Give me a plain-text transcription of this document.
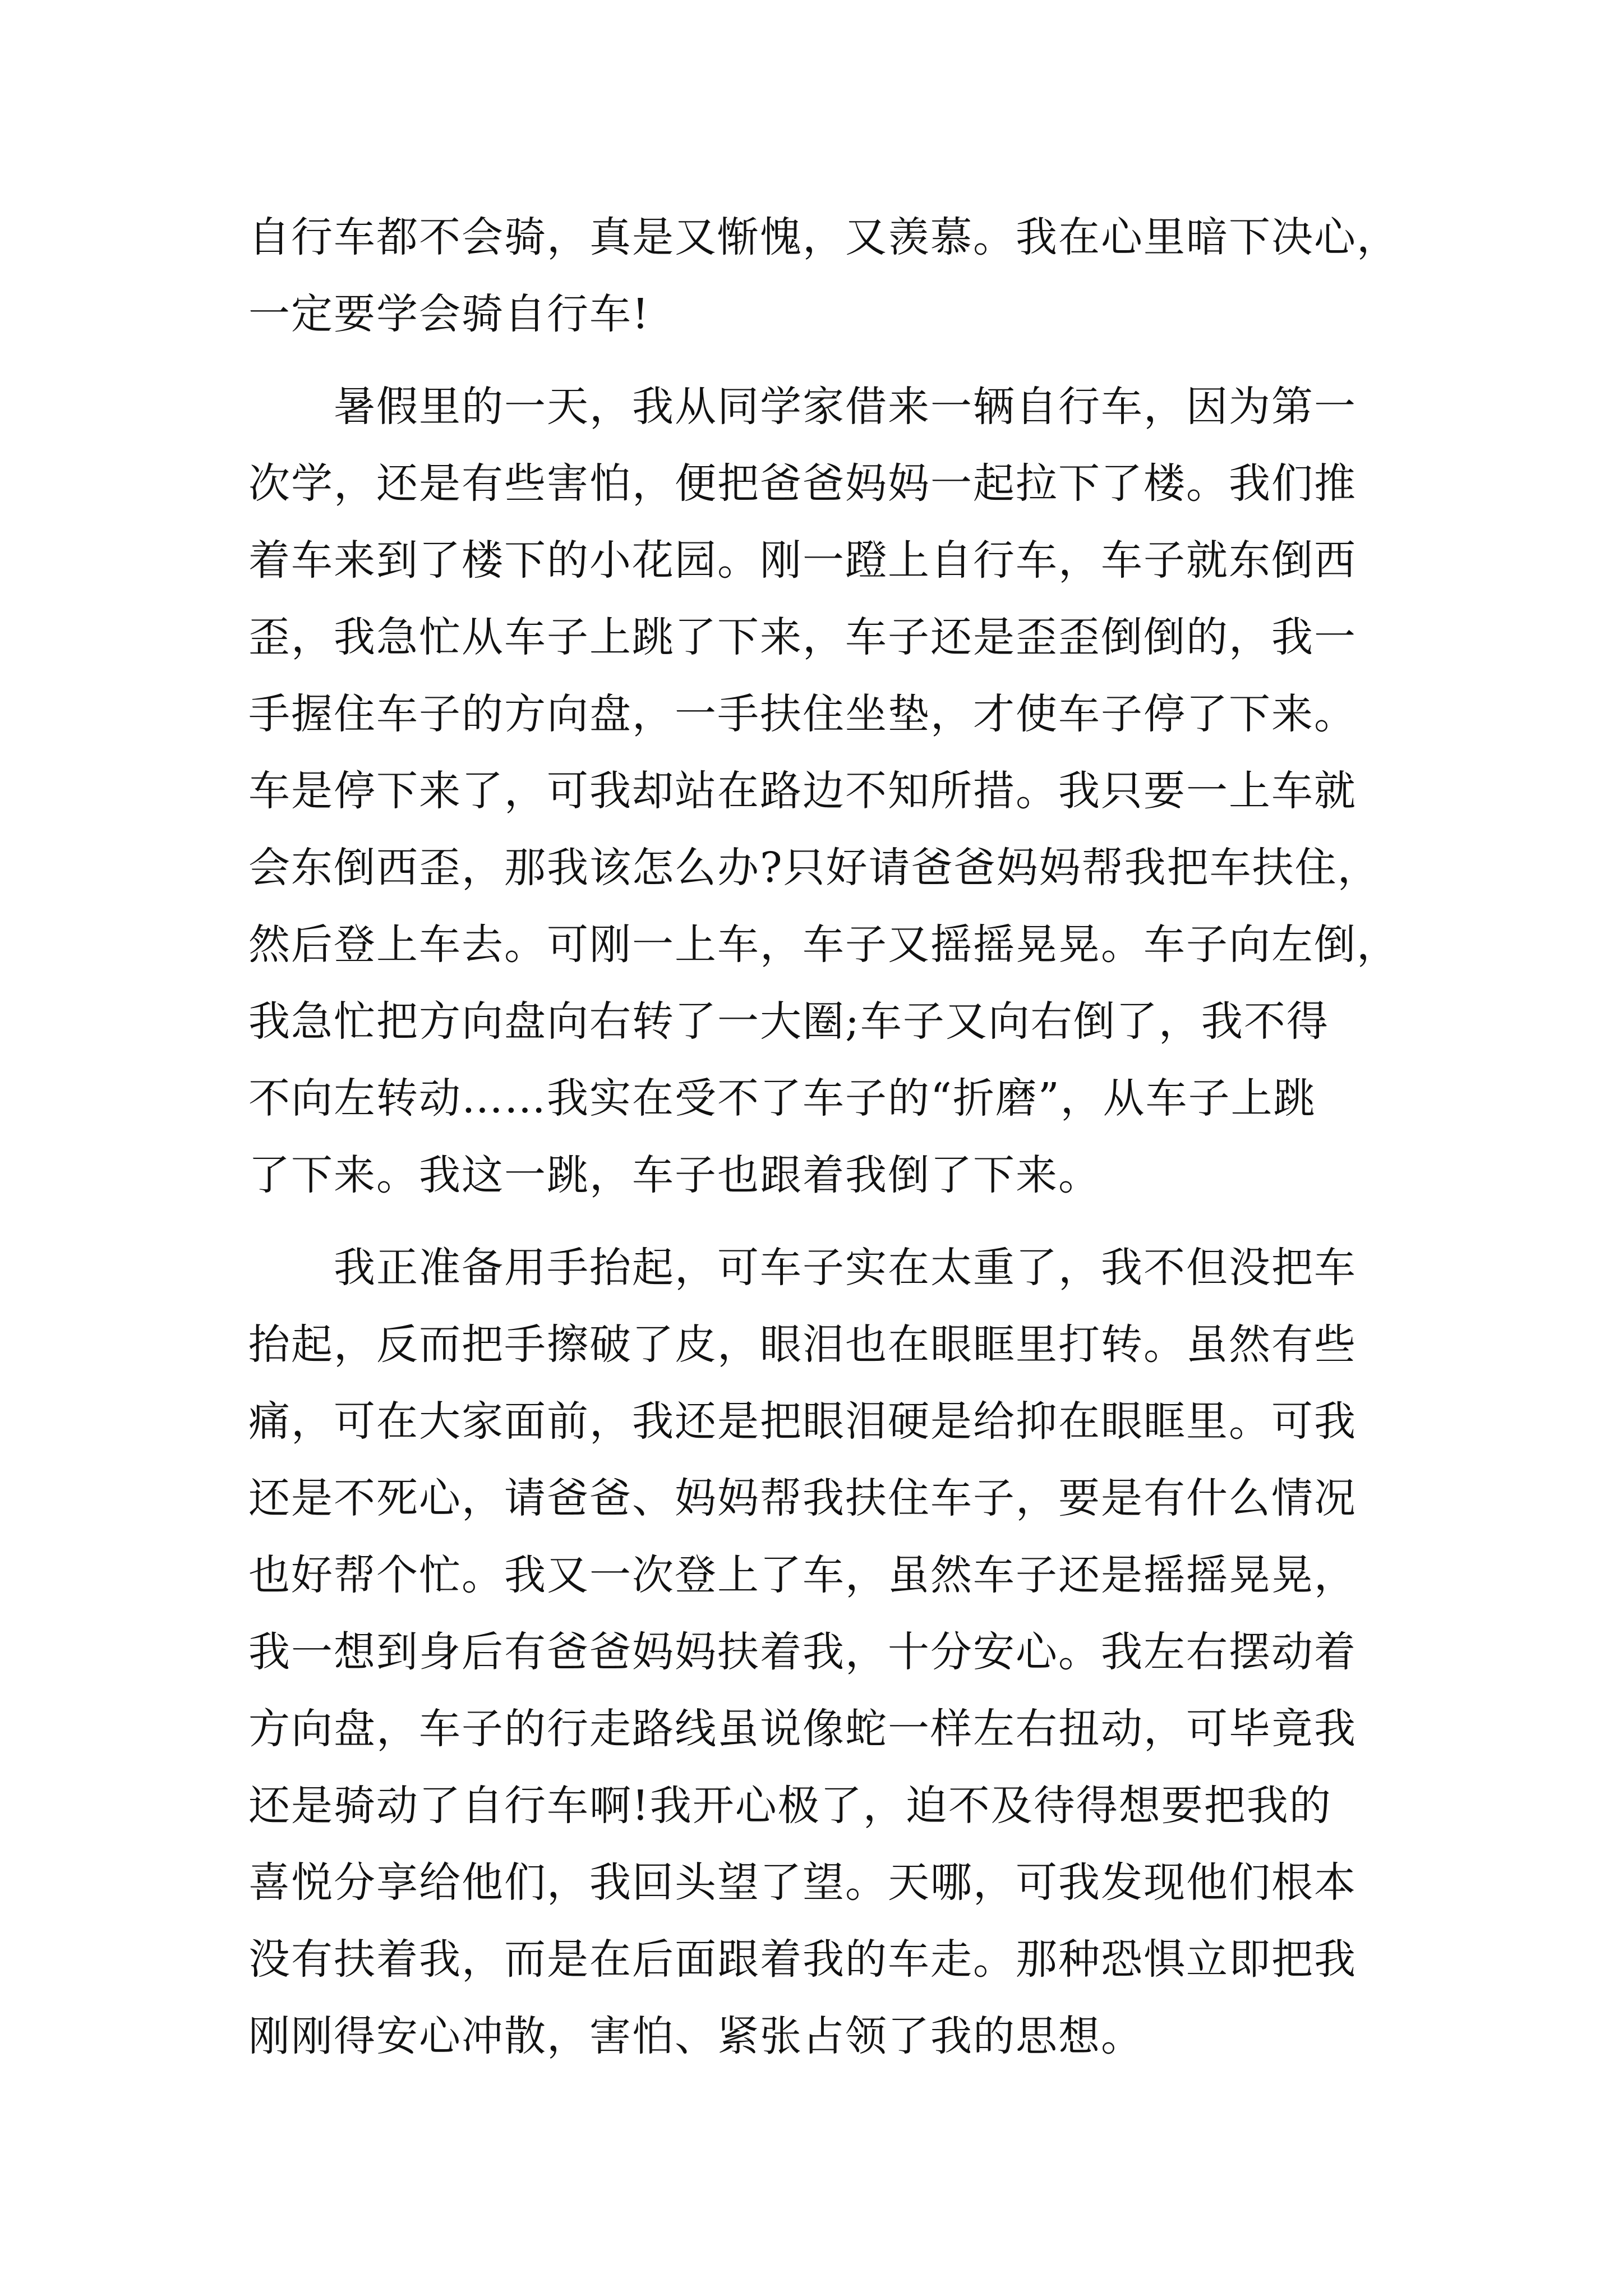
自行车都不会骑，真是又惭愧，又羡慕。我在心里暗下决心，
一定要学会骑自行车!
　　暑假里的一天，我从同学家借来一辆自行车，因为第一
次学，还是有些害怕，便把爸爸妈妈一起拉下了楼。我们推
着车来到了楼下的小花园。刚一蹬上自行车，车子就东倒西
歪，我急忙从车子上跳了下来，车子还是歪歪倒倒的，我一
手握住车子的方向盘，一手扶住坐垫，才使车子停了下来。
车是停下来了，可我却站在路边不知所措。我只要一上车就
会东倒西歪，那我该怎么办?只好请爸爸妈妈帮我把车扶住，
然后登上车去。可刚一上车，车子又摇摇晃晃。车子向左倒，
我急忙把方向盘向右转了一大圈;车子又向右倒了，我不得
不向左转动……我实在受不了车子的“折磨”，从车子上跳
了下来。我这一跳，车子也跟着我倒了下来。
　　我正准备用手抬起，可车子实在太重了，我不但没把车
抬起，反而把手擦破了皮，眼泪也在眼眶里打转。虽然有些
痛，可在大家面前，我还是把眼泪硬是给抑在眼眶里。可我
还是不死心，请爸爸、妈妈帮我扶住车子，要是有什么情况
也好帮个忙。我又一次登上了车，虽然车子还是摇摇晃晃，
我一想到身后有爸爸妈妈扶着我，十分安心。我左右摆动着
方向盘，车子的行走路线虽说像蛇一样左右扭动，可毕竟我
还是骑动了自行车啊!我开心极了，迫不及待得想要把我的
喜悦分享给他们，我回头望了望。天哪，可我发现他们根本
没有扶着我，而是在后面跟着我的车走。那种恐惧立即把我
刚刚得安心冲散，害怕、紧张占领了我的思想。
